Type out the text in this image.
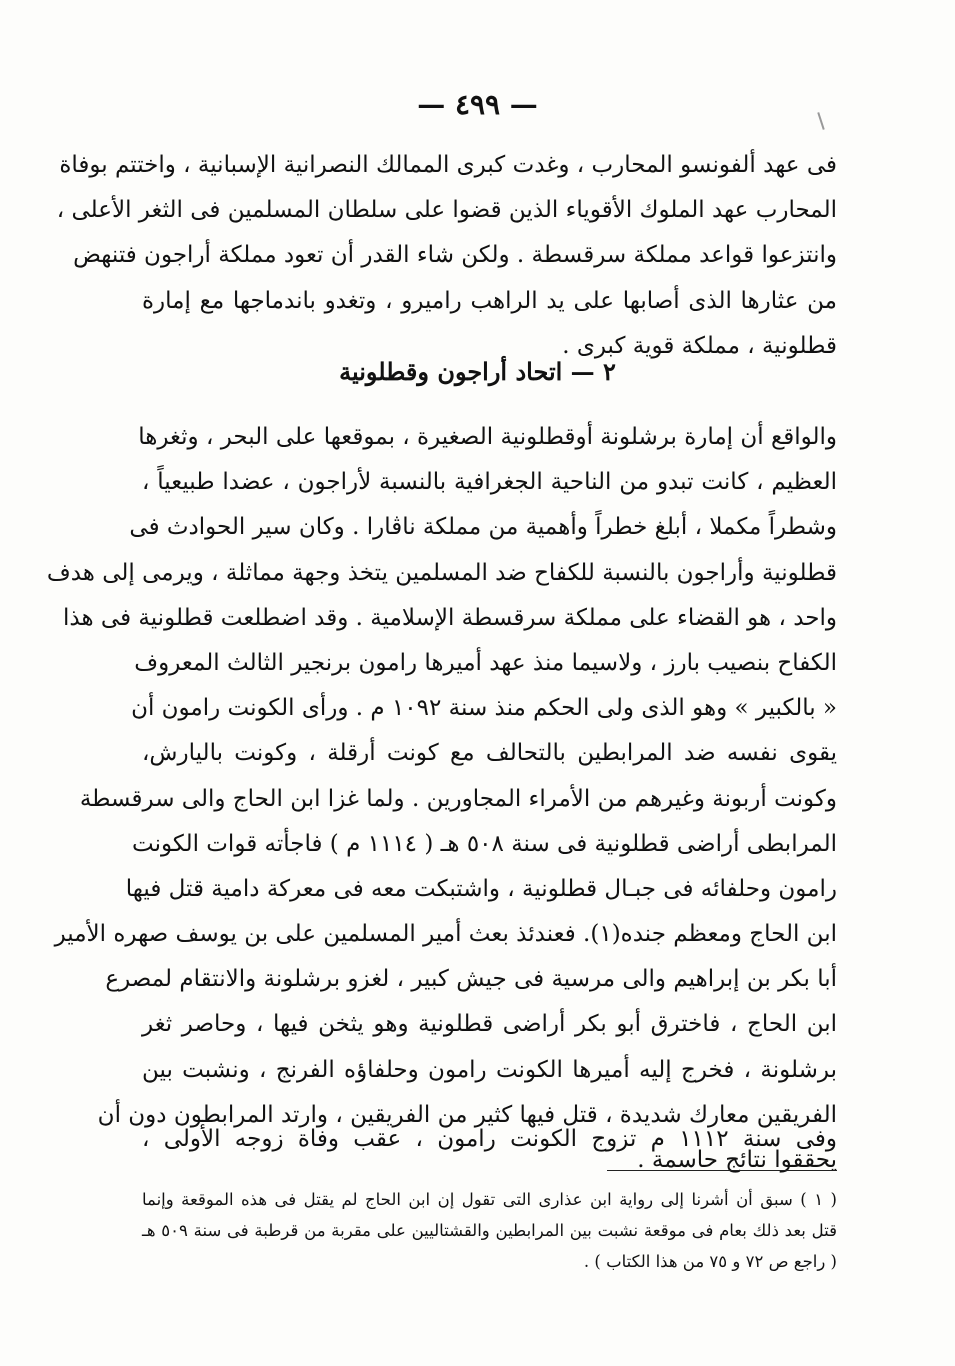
— ٤٩٩ —
فى عهد ألفونسو المحارب ، وغدت كبرى الممالك النصرانية الإسبانية ، واختتم بوفاة
المحارب عهد الملوك الأقوياء الذين قضوا على سلطان المسلمين فى الثغر الأعلى ،
وانتزعوا قواعد مملكة سرقسطة . ولكن شاء القدر أن تعود مملكة أراجون فتنهض
من عثارها الذى أصابها على يد الراهب راميرو ، وتغدو باندماجها مع إمارة
قطلونية ، مملكة قوية كبرى .
٢ — اتحاد أراجون وقطلونية
والواقع أن إمارة برشلونة أوقطلونية الصغيرة ، بموقعها على البحر ، وثغرها
العظيم ، كانت تبدو من الناحية الجغرافية بالنسبة لأراجون ، عضدا طبيعياً ،
وشطراً مكملا ، أبلغ خطراً وأهمية من مملكة ناڤارا . وكان سير الحوادث فى
قطلونية وأراجون بالنسبة للكفاح ضد المسلمين يتخذ وجهة مماثلة ، ويرمى إلى هدف
واحد ، هو القضاء على مملكة سرقسطة الإسلامية . وقد اضطلعت قطلونية فى هذا
الكفاح بنصيب بارز ، ولاسيما منذ عهد أميرها رامون برنجير الثالث المعروف
« بالكبير » وهو الذى ولى الحكم منذ سنة ١٠٩٢ م . ورأى الكونت رامون أن
يقوى نفسه ضد المرابطين بالتحالف مع كونت أرقلة ، وكونت باليارش،
وكونت أربونة وغيرهم من الأمراء المجاورين . ولما غزا ابن الحاج والى سرقسطة
المرابطى أراضى قطلونية فى سنة ٥٠٨ هـ ( ١١١٤ م ) فاجأته قوات الكونت
رامون وحلفائه فى جبـال قطلونية ، واشتبكت معه فى معركة دامية قتل فيها
ابن الحاج ومعظم جنده(١). فعندئذ بعث أمير المسلمين على بن يوسف صهره الأمير
أبا بكر بن إبراهيم والى مرسية فى جيش كبير ، لغزو برشلونة والانتقام لمصرع
ابن الحاج ، فاخترق أبو بكر أراضى قطلونية وهو يثخن فيها ، وحاصر ثغر
برشلونة ، فخرج إليه أميرها الكونت رامون وحلفاؤه الفرنج ، ونشبت بين
الفريقين معارك شديدة ، قتل فيها كثير من الفريقين ، وارتد المرابطون دون أن
يحققوا نتائج حاسمة .
وفى سنة ١١١٢ م تزوج الكونت رامون ، عقب وفاة زوجه الأولى ،
( ١ ) سبق أن أشرنا إلى رواية ابن عذارى التى تقول إن ابن الحاج لم يقتل فى هذه الموقعة وإنما
قتل بعد ذلك بعام فى موقعة نشبت بين المرابطين والقشتاليين على مقربة من قرطبة فى سنة ٥٠٩ هـ
( راجع ص ٧٢ و ٧٥ من هذا الكتاب ) .
